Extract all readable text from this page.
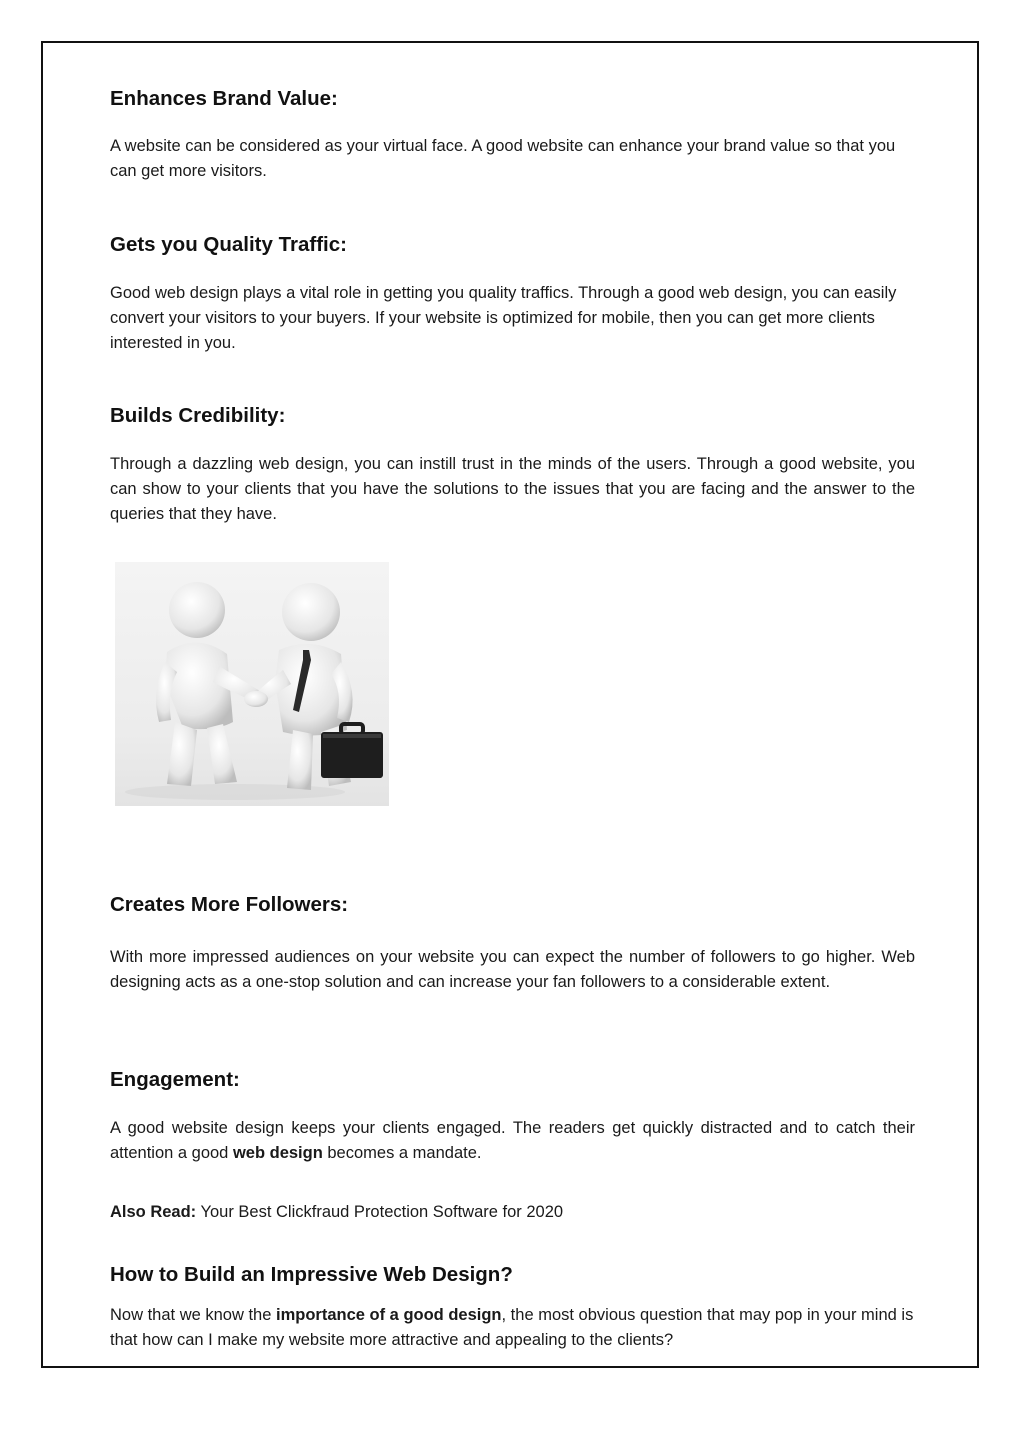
Enhances Brand Value:

A website can be considered as your virtual face. A good website can enhance your brand value so that you can get more visitors.

Gets you Quality Traffic:

Good web design plays a vital role in getting you quality traffics. Through a good web design, you can easily convert your visitors to your buyers. If your website is optimized for mobile, then you can get more clients interested in you.

Builds Credibility:

Through a dazzling web design, you can instill trust in the minds of the users. Through a good website, you can show to your clients that you have the solutions to the issues that you are facing and the answer to the queries that they have.

Creates More Followers:

With more impressed audiences on your website you can expect the number of followers to go higher. Web designing acts as a one-stop solution and can increase your fan followers to a considerable extent.

Engagement:

A good website design keeps your clients engaged. The readers get quickly distracted and to catch their attention a good web design becomes a mandate.

Also Read: Your Best Clickfraud Protection Software for 2020

How to Build an Impressive Web Design?

Now that we know the importance of a good design, the most obvious question that may pop in your mind is that how can I make my website more attractive and appealing to the clients?
